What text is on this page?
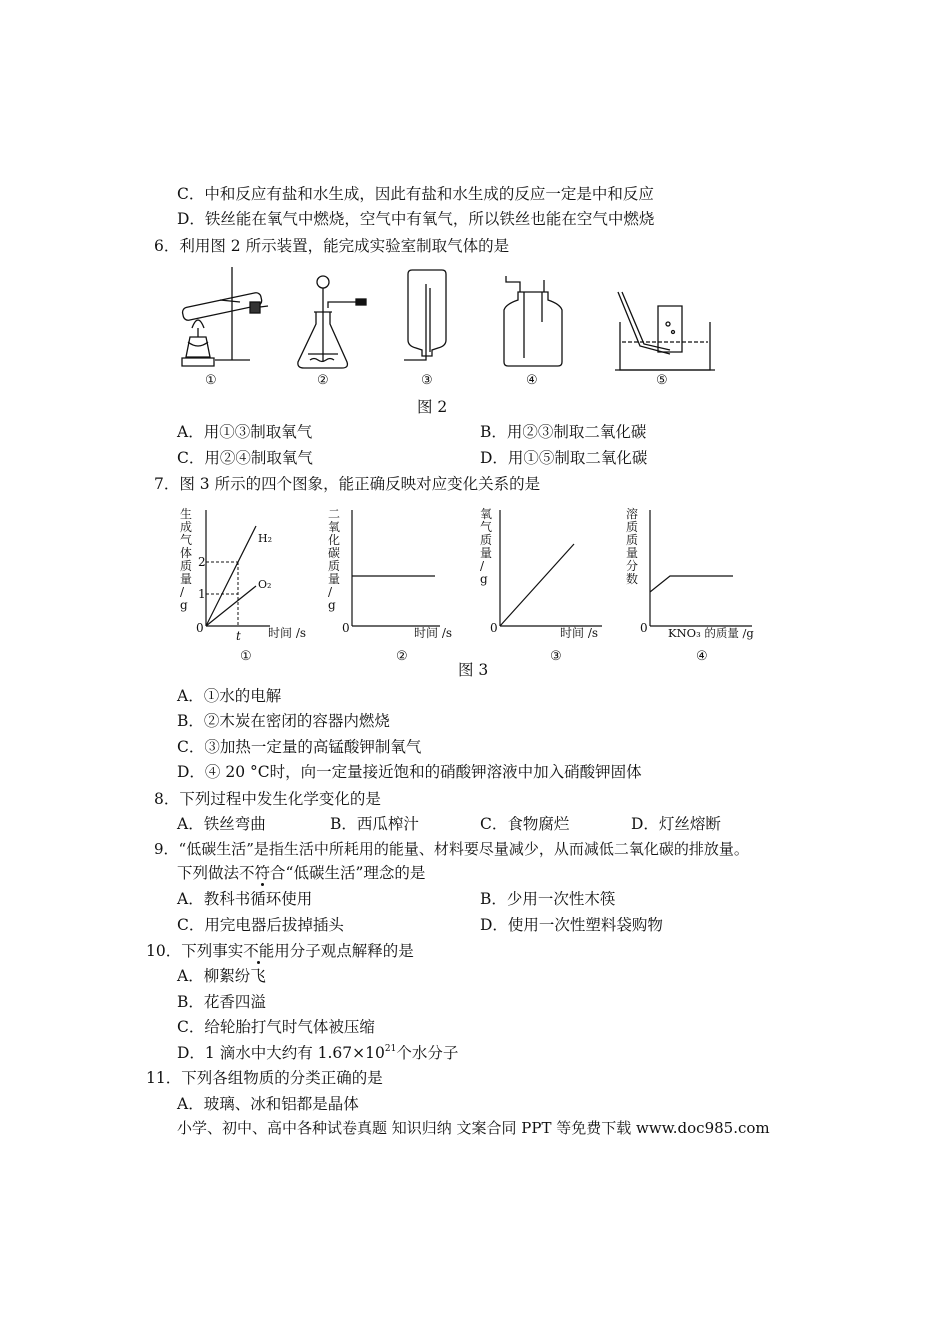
C．中和反应有盐和水生成，因此有盐和水生成的反应一定是中和反应
D．铁丝能在氧气中燃烧，空气中有氧气，所以铁丝也能在空气中燃烧
6．利用图 2 所示装置，能完成实验室制取气体的是
①	②	③	④	⑤
图 2
A．用①③制取氧气	B．用②③制取二氧化碳
C．用②④制取氧气	D．用①⑤制取二氧化碳
7．图 3 所示的四个图象，能正确反映对应变化关系的是
生
成
气
体
质
量
/
g
2
1
0
t
H₂
O₂
时间 /s
①
二
氧
化
碳
质
量
/
g
0	时间 /s
②
氧
气
质
量
/
g
0	时间 /s
③
溶
质
质
量
分
数
0 KNO₃ 的质量 /g
④
图 3
A．①水的电解
B．②木炭在密闭的容器内燃烧
C．③加热一定量的高锰酸钾制氧气
D．④ 20 °C时，向一定量接近饱和的硝酸钾溶液中加入硝酸钾固体
8．下列过程中发生化学变化的是
A．铁丝弯曲	B．西瓜榨汁	C．食物腐烂	D．灯丝熔断
9．“低碳生活”是指生活中所耗用的能量、材料要尽量减少，从而减低二氧化碳的排放量。
下列做法不符合“低碳生活”理念的是
A．教科书循环使用	B．少用一次性木筷
C．用完电器后拔掉插头	D．使用一次性塑料袋购物
10．下列事实不能用分子观点解释的是
A．柳絮纷飞
B．花香四溢
C．给轮胎打气时气体被压缩
D．1 滴水中大约有 $1.67\times 10^{21}$个水分子
11．下列各组物质的分类正确的是
A．玻璃、冰和铝都是晶体
小学、初中、高中各种试卷真题 知识归纳 文案合同 PPT 等免费下载 www.doc985.com
